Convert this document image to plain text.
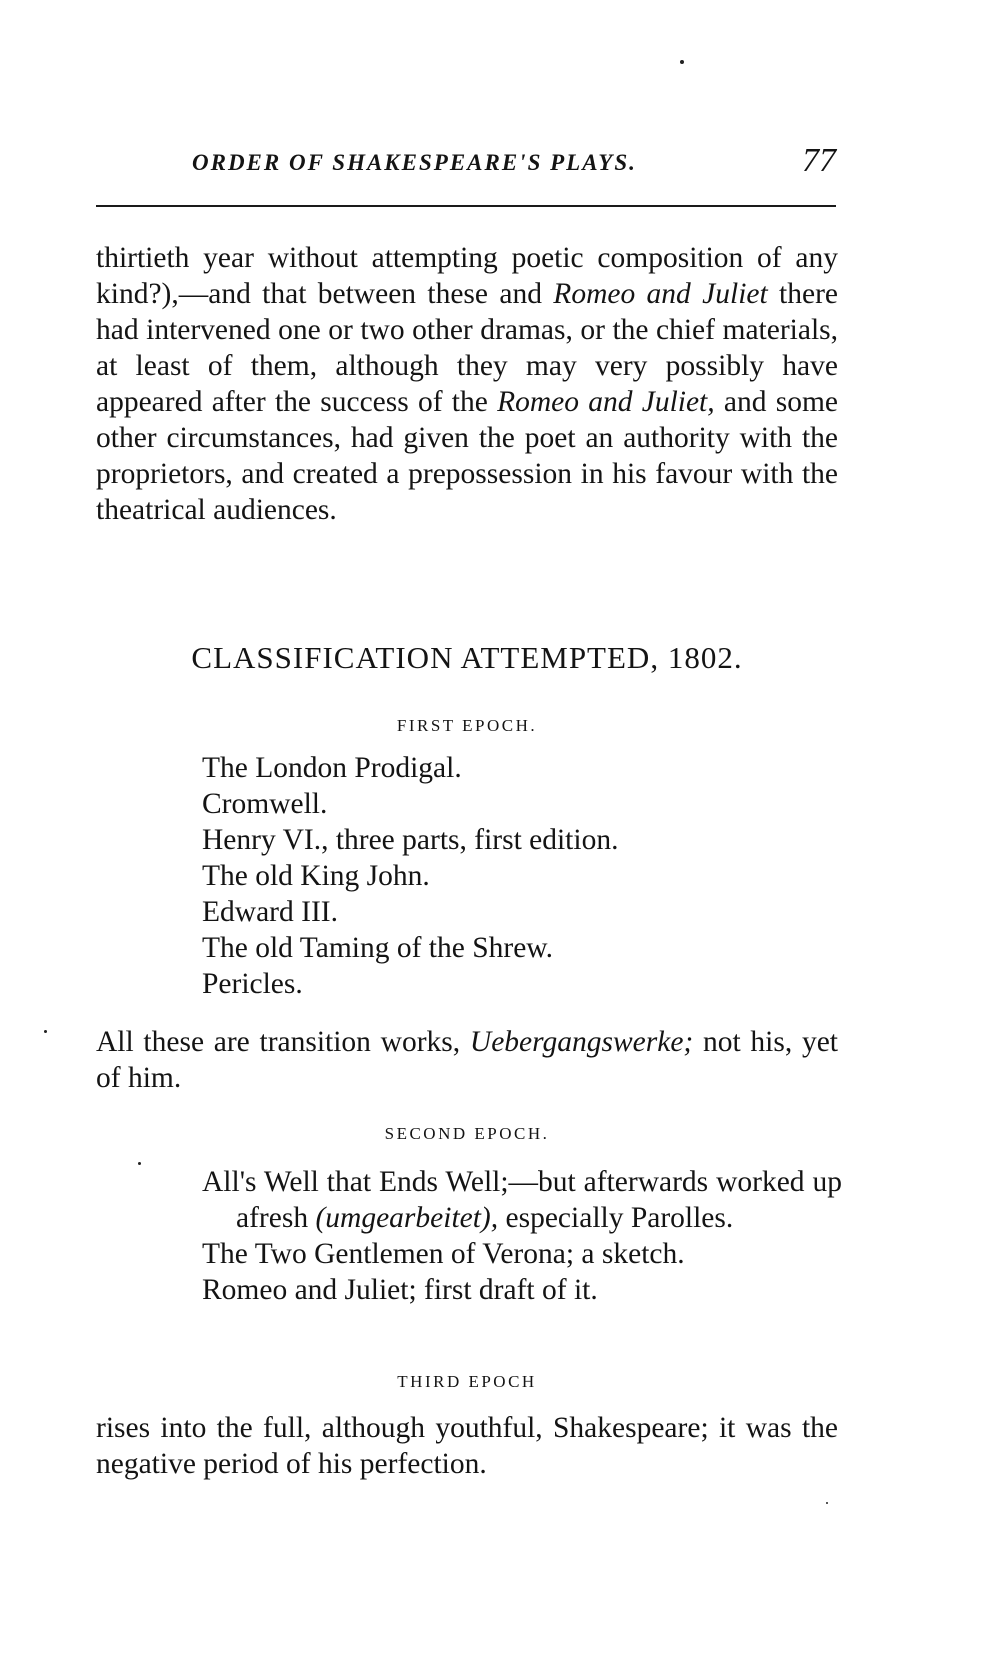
ORDER OF SHAKESPEARE'S PLAYS.	77

thirtieth year without attempting poetic composition of any kind?),—and that between these and Romeo and Juliet there had intervened one or two other dramas, or the chief materials, at least of them, although they may very possibly have appeared after the success of the Romeo and Juliet, and some other circumstances, had given the poet an authority with the proprietors, and created a prepossession in his favour with the theatrical audiences.

CLASSIFICATION ATTEMPTED, 1802.
FIRST EPOCH.
The London Prodigal.
Cromwell.
Henry VI., three parts, first edition.
The old King John.
Edward III.
The old Taming of the Shrew.
Pericles.

All these are transition works, Uebergangswerke; not his, yet of him.

SECOND EPOCH.
All's Well that Ends Well;—but afterwards worked up afresh (umgearbeitet), especially Parolles.
The Two Gentlemen of Verona; a sketch.
Romeo and Juliet; first draft of it.
THIRD EPOCH

rises into the full, although youthful, Shakespeare; it was the negative period of his perfection.
